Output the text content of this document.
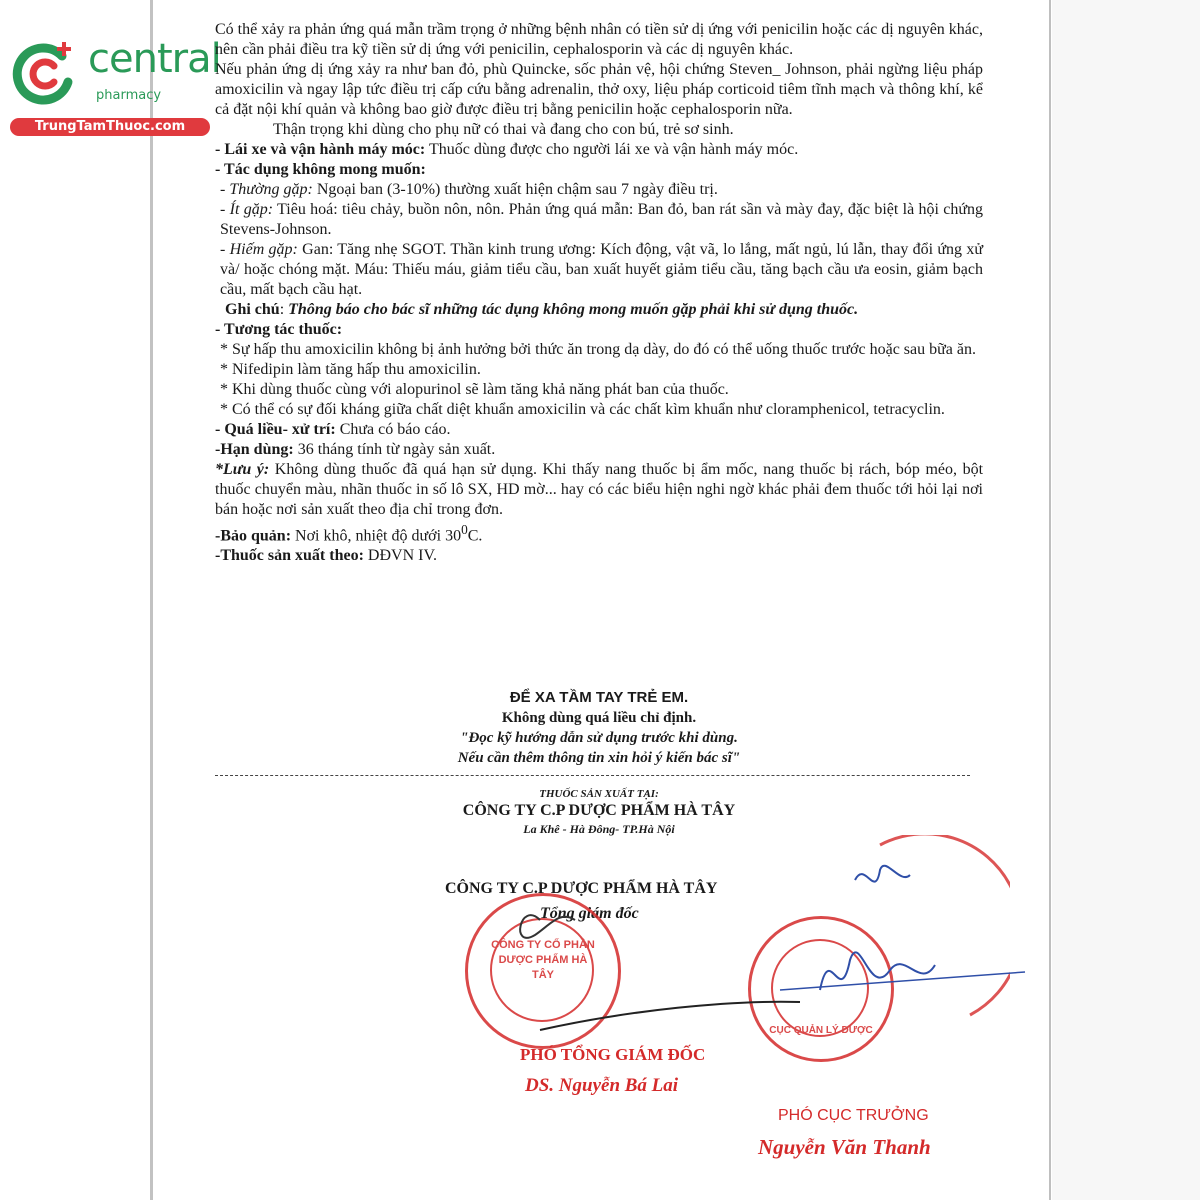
central
pharmacy
TrungTamThuoc.com

Có thể xảy ra phản ứng quá mẫn trầm trọng ở những bệnh nhân có tiền sử dị ứng với penicilin hoặc các dị nguyên khác, nên cần phải điều tra kỹ tiền sử dị ứng với penicilin, cephalosporin và các dị nguyên khác.

Nếu phản ứng dị ứng xảy ra như ban đỏ, phù Quincke, sốc phản vệ, hội chứng Steven_ Johnson, phải ngừng liệu pháp amoxicilin và ngay lập tức điều trị cấp cứu bằng adrenalin, thở oxy, liệu pháp corticoid tiêm tĩnh mạch và thông khí, kể cả đặt nội khí quản và không bao giờ được điều trị bằng penicilin hoặc cephalosporin nữa.

Thận trọng khi dùng cho phụ nữ có thai và đang cho con bú, trẻ sơ sinh.

- Lái xe và vận hành máy móc: Thuốc dùng được cho người lái xe và vận hành máy móc.

- Tác dụng không mong muốn:

- Thường gặp: Ngoại ban (3-10%) thường xuất hiện chậm sau 7 ngày điều trị.

- Ít gặp: Tiêu hoá: tiêu chảy, buồn nôn, nôn. Phản ứng quá mẫn: Ban đỏ, ban rát sần và mày đay, đặc biệt là hội chứng Stevens-Johnson.

- Hiếm gặp: Gan: Tăng nhẹ SGOT. Thần kinh trung ương: Kích động, vật vã, lo lắng, mất ngủ, lú lẫn, thay đổi ứng xử và/ hoặc chóng mặt. Máu: Thiếu máu, giảm tiểu cầu, ban xuất huyết giảm tiểu cầu, tăng bạch cầu ưa eosin, giảm bạch cầu, mất bạch cầu hạt.

Ghi chú: Thông báo cho bác sĩ những tác dụng không mong muốn gặp phải khi sử dụng thuốc.

- Tương tác thuốc:

* Sự hấp thu amoxicilin không bị ảnh hưởng bởi thức ăn trong dạ dày, do đó có thể uống thuốc trước hoặc sau bữa ăn.

* Nifedipin làm tăng hấp thu amoxicilin.

* Khi dùng thuốc cùng với alopurinol sẽ làm tăng khả năng phát ban của thuốc.

* Có thể có sự đối kháng giữa chất diệt khuẩn amoxicilin và các chất kìm khuẩn như cloramphenicol, tetracyclin.

- Quá liều- xử trí: Chưa có báo cáo.

-Hạn dùng: 36 tháng tính từ ngày sản xuất.

*Lưu ý: Không dùng thuốc đã quá hạn sử dụng. Khi thấy nang thuốc bị ẩm mốc, nang thuốc bị rách, bóp méo, bột thuốc chuyển màu, nhãn thuốc in số lô SX, HD mờ... hay có các biểu hiện nghi ngờ khác phải đem thuốc tới hỏi lại nơi bán hoặc nơi sản xuất theo địa chỉ trong đơn.

-Bảo quản: Nơi khô, nhiệt độ dưới $30^0C$.

-Thuốc sản xuất theo: DĐVN IV.

ĐỂ XA TẦM TAY TRẺ EM.
Không dùng quá liều chỉ định.
"Đọc kỹ hướng dẫn sử dụng trước khi dùng.
Nếu cần thêm thông tin xin hỏi ý kiến bác sĩ"
THUỐC SẢN XUẤT TẠI:
CÔNG TY C.P DƯỢC PHẨM HÀ TÂY
La Khê - Hà Đông- TP.Hà Nội
CÔNG TY C.P DƯỢC PHẨM HÀ TÂY
Tổng giám đốc
CÔNG TY CỔ PHẦN DƯỢC PHẨM HÀ TÂY
CỤC QUẢN LÝ DƯỢC
PHÓ TỔNG GIÁM ĐỐC
DS. Nguyễn Bá Lai
PHÓ CỤC TRƯỞNG
Nguyễn Văn Thanh
